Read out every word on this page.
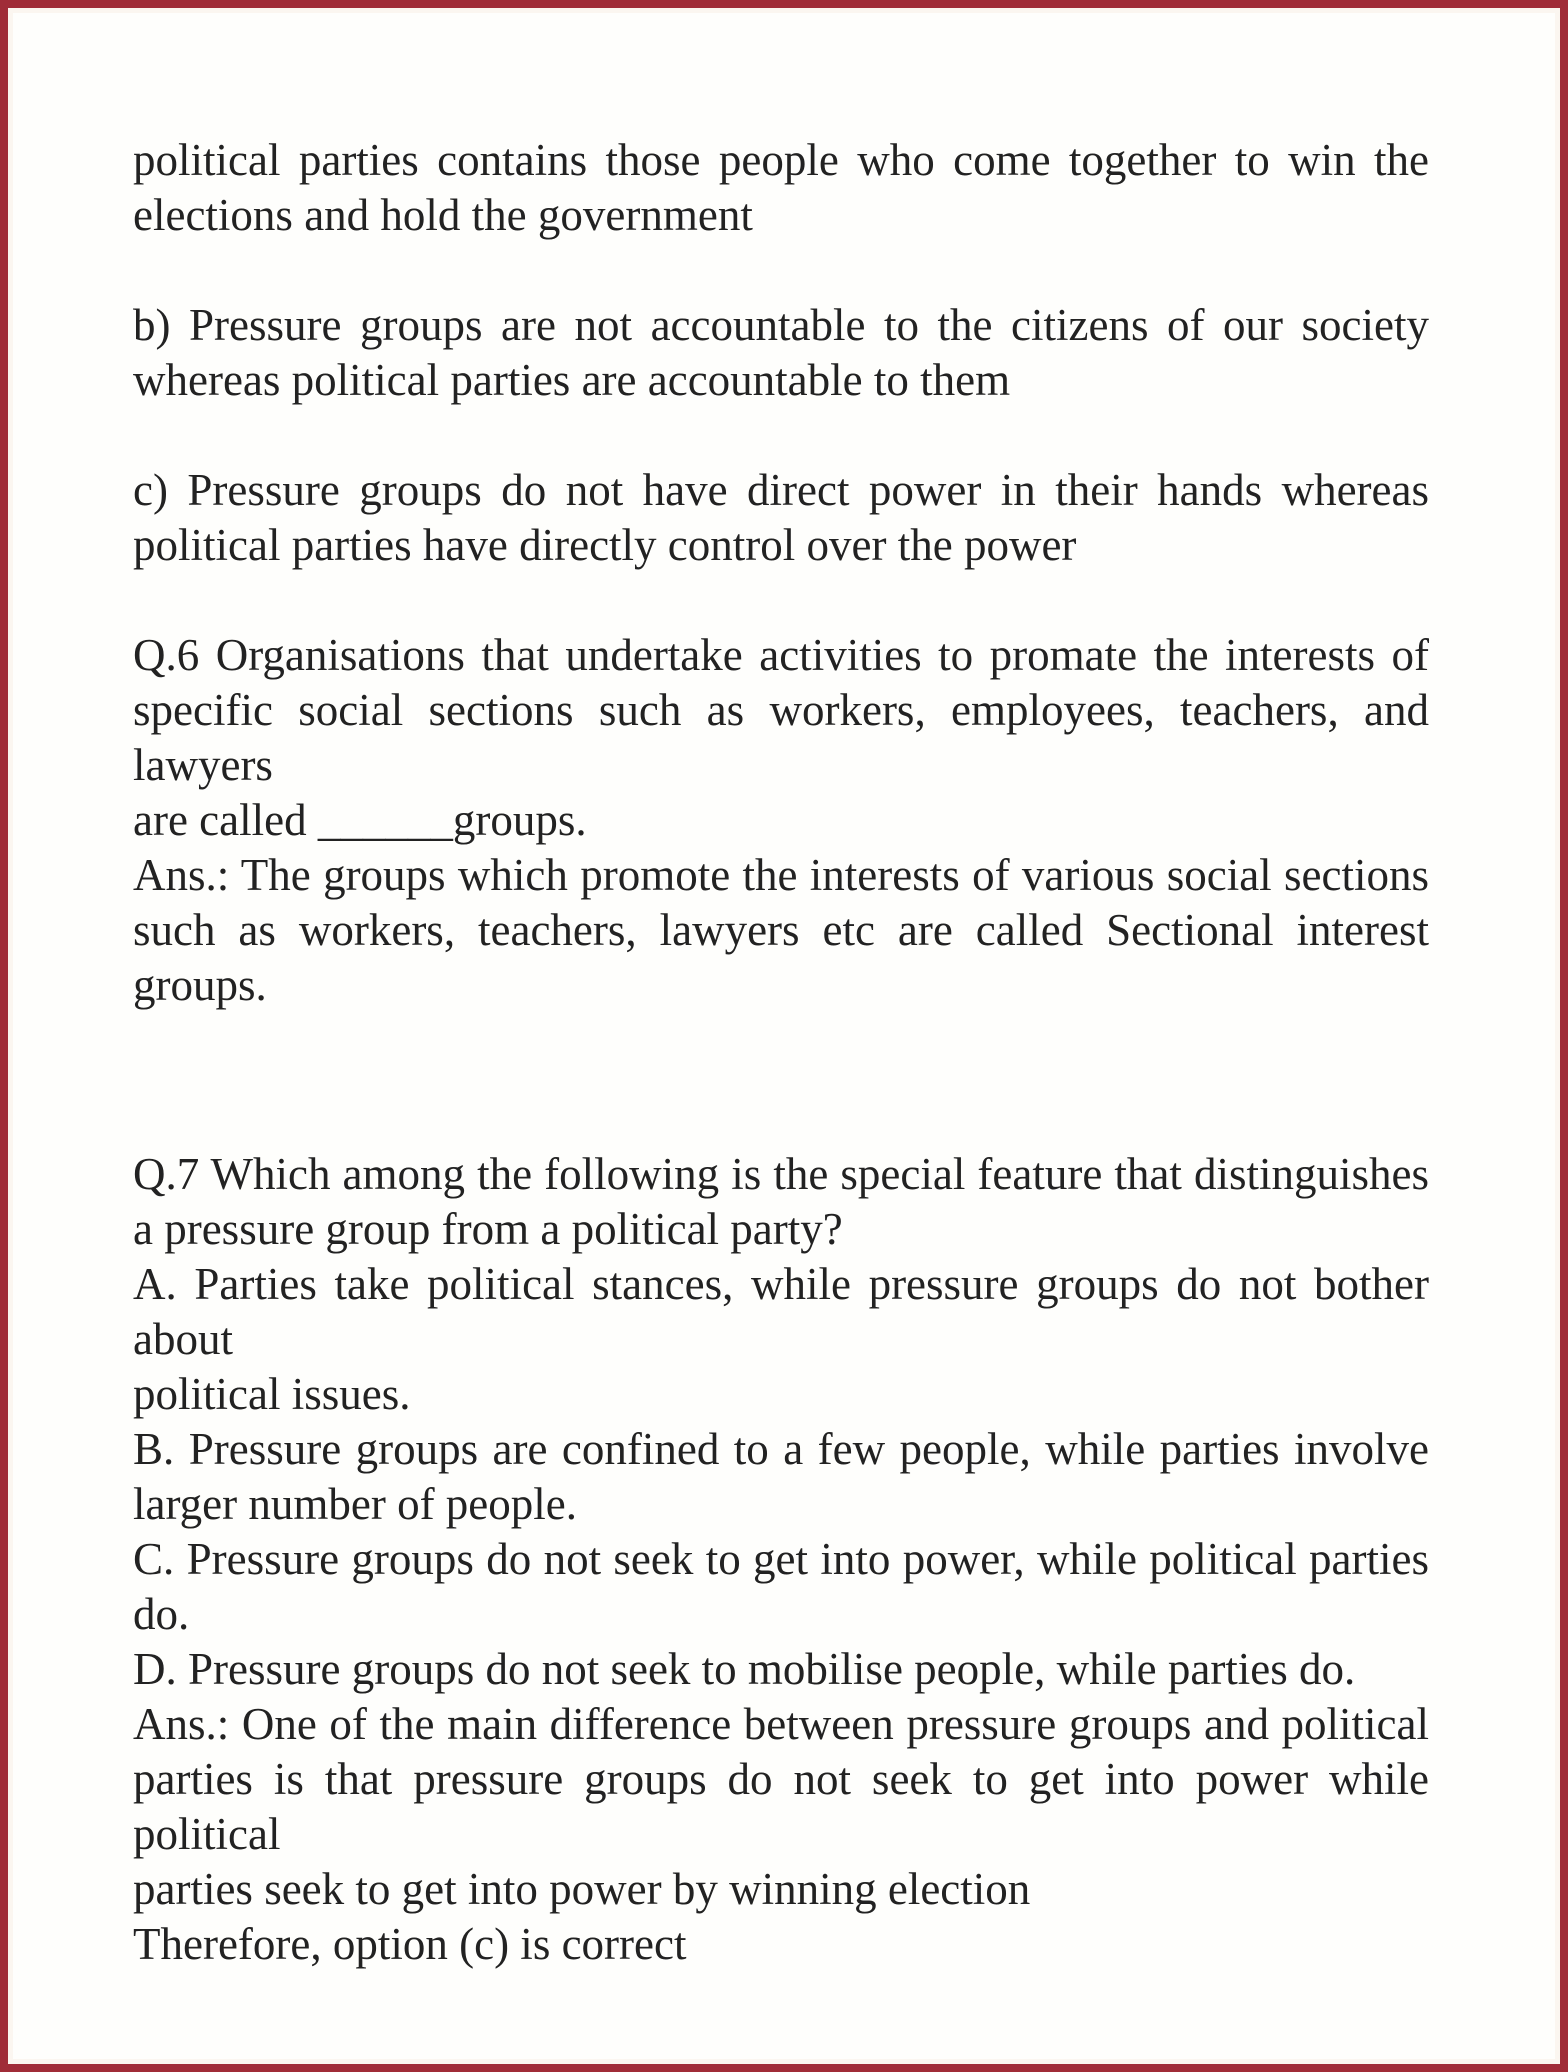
political parties contains those people who come together to win the
elections and hold the government
b) Pressure groups are not accountable to the citizens of our society
whereas political parties are accountable to them
c) Pressure groups do not have direct power in their hands whereas
political parties have directly control over the power
Q.6 Organisations that undertake activities to promate the interests of
specific social sections such as workers, employees, teachers, and lawyers
are called ______groups.
Ans.: The groups which promote the interests of various social sections
such as workers, teachers, lawyers etc are called Sectional interest groups.
Q.7 Which among the following is the special feature that distinguishes
a pressure group from a political party?
A. Parties take political stances, while pressure groups do not bother about
political issues.
B. Pressure groups are confined to a few people, while parties involve
larger number of people.
C. Pressure groups do not seek to get into power, while political parties
do.
D. Pressure groups do not seek to mobilise people, while parties do.
Ans.: One of the main difference between pressure groups and political
parties is that pressure groups do not seek to get into power while political
parties seek to get into power by winning election
Therefore, option (c) is correct
